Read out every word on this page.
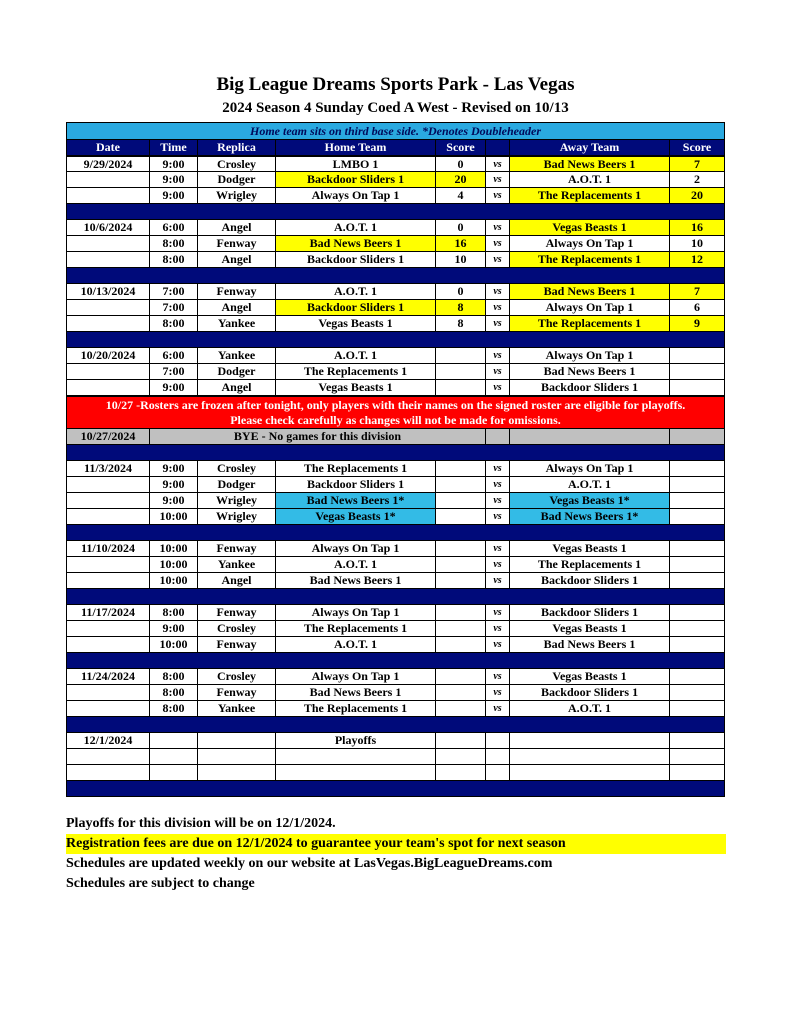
Big League Dreams Sports Park - Las Vegas
2024 Season 4 Sunday Coed A West - Revised on 10/13
Home team sits on third base side. *Denotes Doubleheader
Date	Time	Replica	Home Team	Score	Away Team	Score
9/29/2024	9:00	Crosley	LMBO 1	0	vs	Bad News Beers 1	7
9:00	Dodger	Backdoor Sliders 1	20	vs	A.O.T. 1	2
9:00	Wrigley	Always On Tap 1	4	vs	The Replacements 1	20
10/6/2024	6:00	Angel	A.O.T. 1	0	vs	Vegas Beasts 1	16
8:00	Fenway	Bad News Beers 1	16	vs	Always On Tap 1	10
8:00	Angel	Backdoor Sliders 1	10	vs	The Replacements 1	12
10/13/2024	7:00	Fenway	A.O.T. 1	0	vs	Bad News Beers 1	7
7:00	Angel	Backdoor Sliders 1	8	vs	Always On Tap 1	6
8:00	Yankee	Vegas Beasts 1	8	vs	The Replacements 1	9
10/20/2024	6:00	Yankee	A.O.T. 1	vs	Always On Tap 1
7:00	Dodger	The Replacements 1	vs	Bad News Beers 1
9:00	Angel	Vegas Beasts 1	vs	Backdoor Sliders 1
10/27 -Rosters are frozen after tonight, only players with their names on the signed roster are eligible for playoffs.
Please check carefully as changes will not be made for omissions.
10/27/2024	BYE - No games for this division
11/3/2024	9:00	Crosley	The Replacements 1	vs	Always On Tap 1
9:00	Dodger	Backdoor Sliders 1	vs	A.O.T. 1
9:00	Wrigley	Bad News Beers 1*	vs	Vegas Beasts 1*
10:00	Wrigley	Vegas Beasts 1*	vs	Bad News Beers 1*
11/10/2024	10:00	Fenway	Always On Tap 1	vs	Vegas Beasts 1
10:00	Yankee	A.O.T. 1	vs	The Replacements 1
10:00	Angel	Bad News Beers 1	vs	Backdoor Sliders 1
11/17/2024	8:00	Fenway	Always On Tap 1	vs	Backdoor Sliders 1
9:00	Crosley	The Replacements 1	vs	Vegas Beasts 1
10:00	Fenway	A.O.T. 1	vs	Bad News Beers 1
11/24/2024	8:00	Crosley	Always On Tap 1	vs	Vegas Beasts 1
8:00	Fenway	Bad News Beers 1	vs	Backdoor Sliders 1
8:00	Yankee	The Replacements 1	vs	A.O.T. 1
12/1/2024	Playoffs
Playoffs for this division will be on 12/1/2024.
Registration fees are due on 12/1/2024 to guarantee your team's spot for next season
Schedules are updated weekly on our website at LasVegas.BigLeagueDreams.com
Schedules are subject to change
